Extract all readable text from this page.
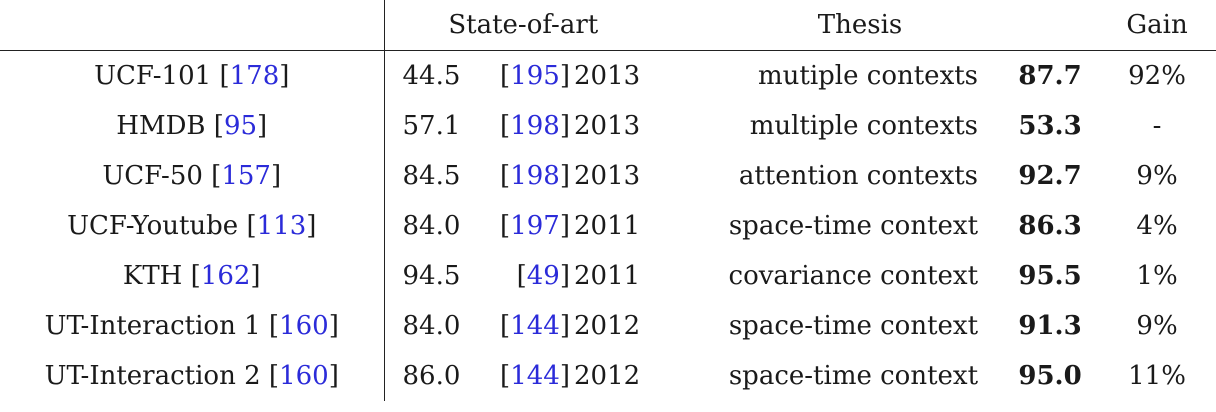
	State-of-art			Thesis		Gain

UCF-101 [178]	44.5	[195]	2013	mutiple contexts	87.7	92%
HMDB [95]	57.1	[198]	2013	multiple contexts	53.3	-
UCF-50 [157]	84.5	[198]	2013	attention contexts	92.7	9%
UCF-Youtube [113]	84.0	[197]	2011	space-time context	86.3	4%
KTH [162]	94.5	[49]	2011	covariance context	95.5	1%
UT-Interaction 1 [160]	84.0	[144]	2012	space-time context	91.3	9%
UT-Interaction 2 [160]	86.0	[144]	2012	space-time context	95.0	11%
